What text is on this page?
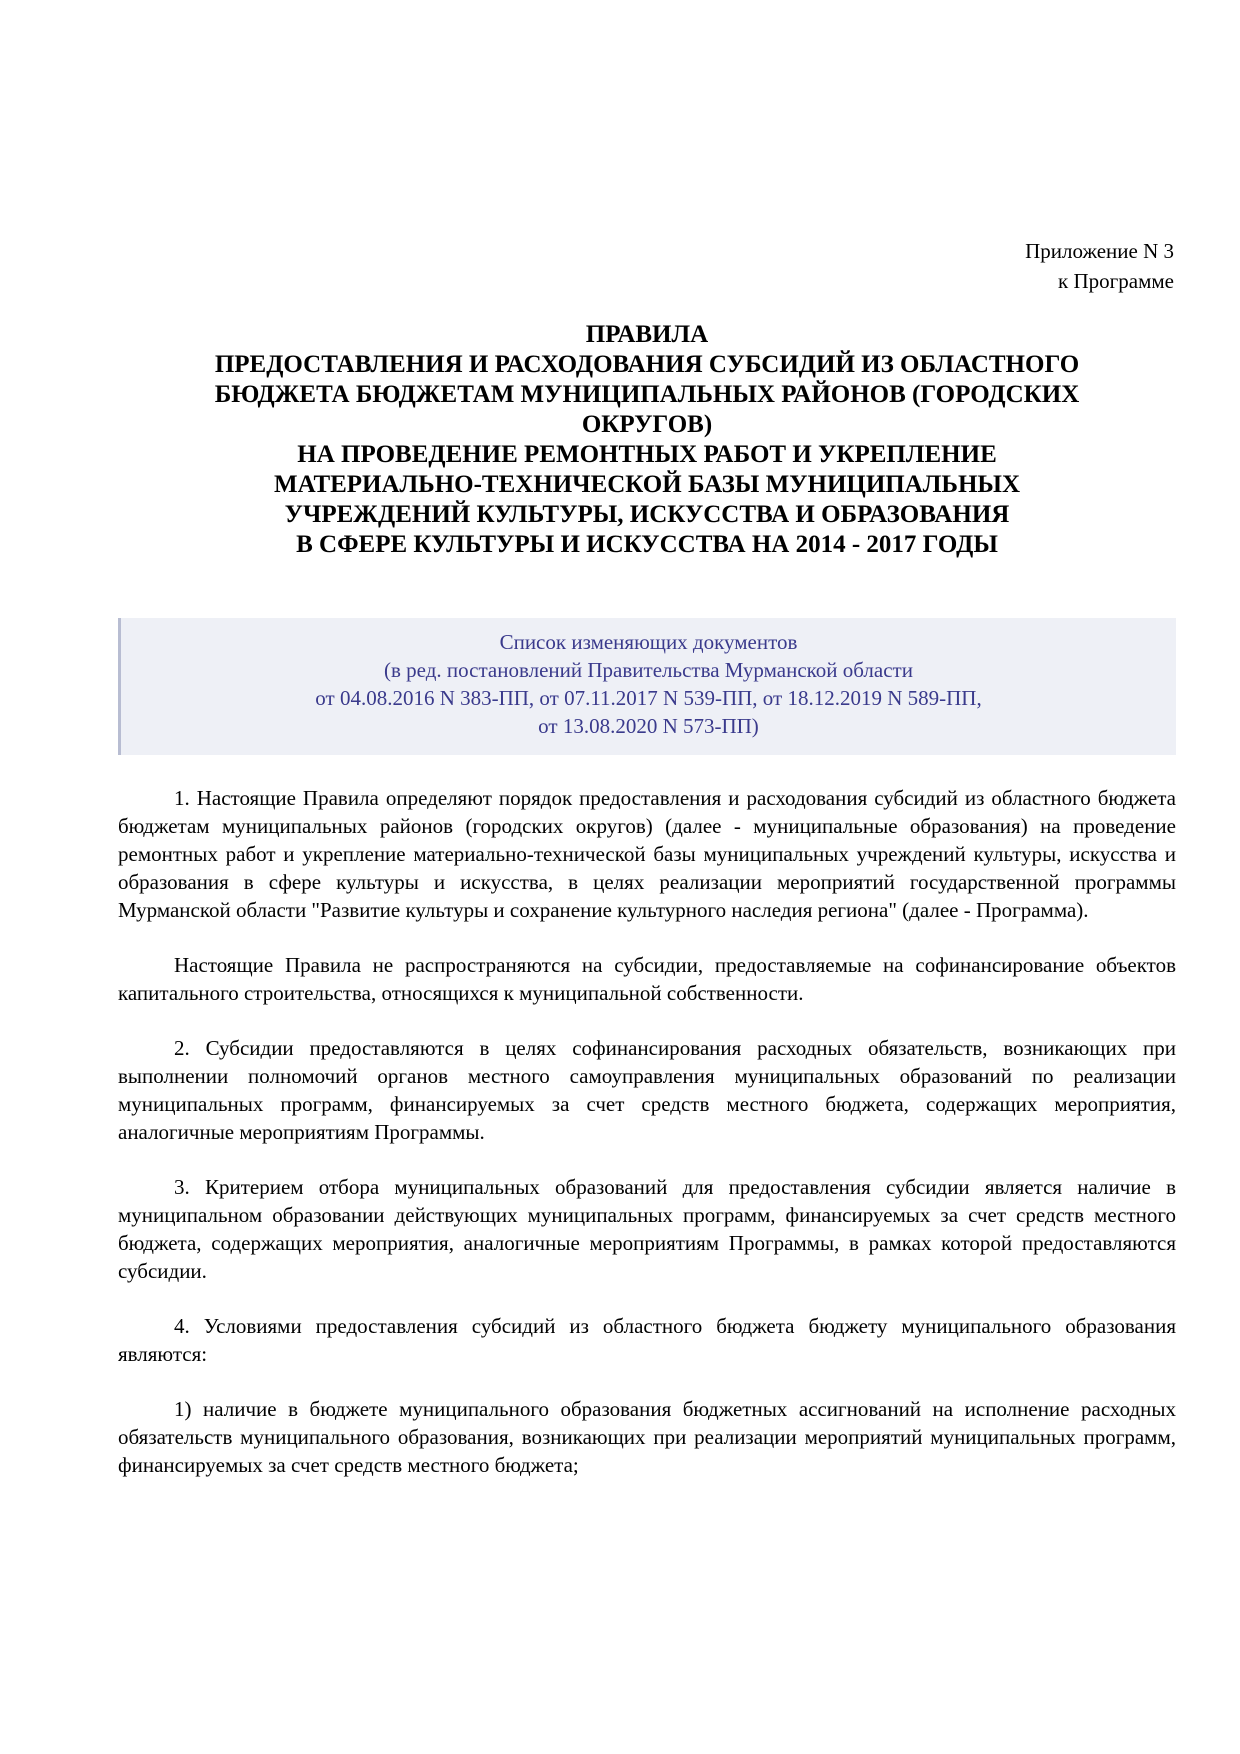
Приложение N 3
к Программе
ПРАВИЛА
ПРЕДОСТАВЛЕНИЯ И РАСХОДОВАНИЯ СУБСИДИЙ ИЗ ОБЛАСТНОГО
БЮДЖЕТА БЮДЖЕТАМ МУНИЦИПАЛЬНЫХ РАЙОНОВ (ГОРОДСКИХ
ОКРУГОВ)
НА ПРОВЕДЕНИЕ РЕМОНТНЫХ РАБОТ И УКРЕПЛЕНИЕ
МАТЕРИАЛЬНО-ТЕХНИЧЕСКОЙ БАЗЫ МУНИЦИПАЛЬНЫХ
УЧРЕЖДЕНИЙ КУЛЬТУРЫ, ИСКУССТВА И ОБРАЗОВАНИЯ
В СФЕРЕ КУЛЬТУРЫ И ИСКУССТВА НА 2014 - 2017 ГОДЫ
Список изменяющих документов
(в ред. постановлений Правительства Мурманской области
от 04.08.2016 N 383-ПП, от 07.11.2017 N 539-ПП, от 18.12.2019 N 589-ПП,
от 13.08.2020 N 573-ПП)

1. Настоящие Правила определяют порядок предоставления и расходования субсидий из областного бюджета бюджетам муниципальных районов (городских округов) (далее - муниципальные образования) на проведение ремонтных работ и укрепление материально-технической базы муниципальных учреждений культуры, искусства и образования в сфере культуры и искусства, в целях реализации мероприятий государственной программы Мурманской области "Развитие культуры и сохранение культурного наследия региона" (далее - Программа).

Настоящие Правила не распространяются на субсидии, предоставляемые на софинансирование объектов капитального строительства, относящихся к муниципальной собственности.

2. Субсидии предоставляются в целях софинансирования расходных обязательств, возникающих при выполнении полномочий органов местного самоуправления муниципальных образований по реализации муниципальных программ, финансируемых за счет средств местного бюджета, содержащих мероприятия, аналогичные мероприятиям Программы.

3. Критерием отбора муниципальных образований для предоставления субсидии является наличие в муниципальном образовании действующих муниципальных программ, финансируемых за счет средств местного бюджета, содержащих мероприятия, аналогичные мероприятиям Программы, в рамках которой предоставляются субсидии.

4. Условиями предоставления субсидий из областного бюджета бюджету муниципального образования являются:

1) наличие в бюджете муниципального образования бюджетных ассигнований на исполнение расходных обязательств муниципального образования, возникающих при реализации мероприятий муниципальных программ, финансируемых за счет средств местного бюджета;
